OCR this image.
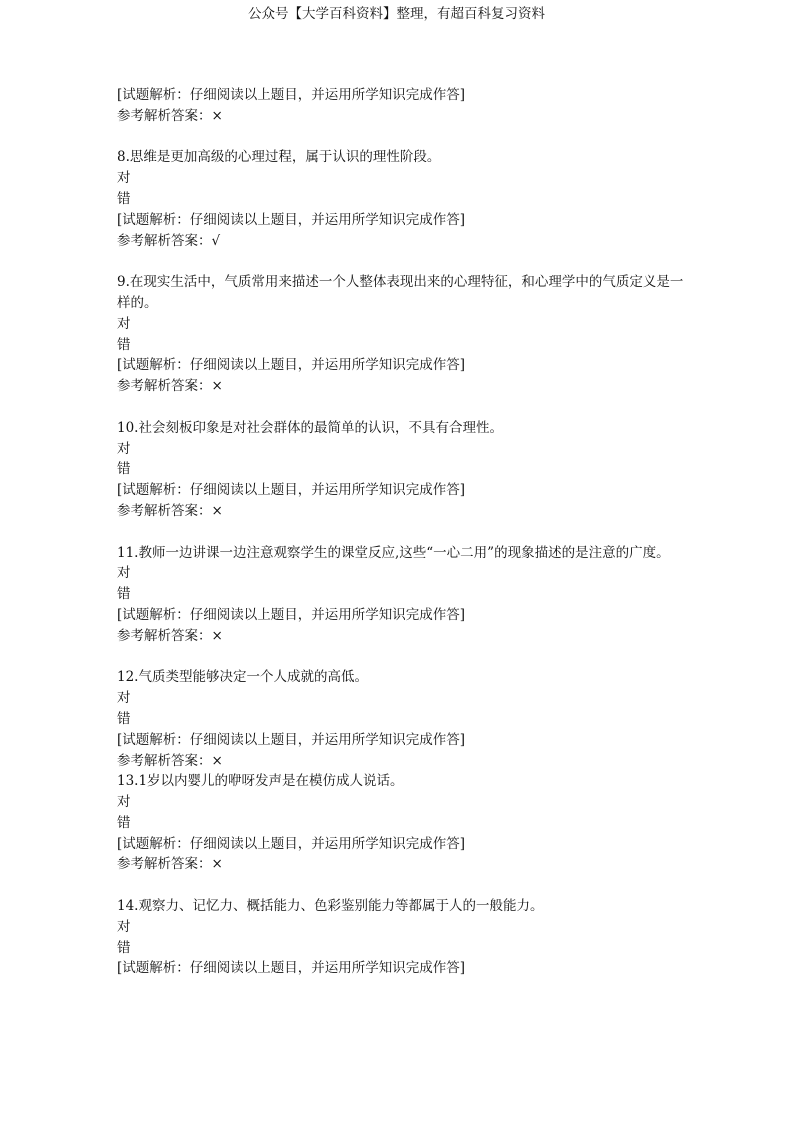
公众号【大学百科资料】整理，有超百科复习资料
[试题解析：仔细阅读以上题目，并运用所学知识完成作答]
参考解析答案：×
8.思维是更加高级的心理过程，属于认识的理性阶段。
对
错
[试题解析：仔细阅读以上题目，并运用所学知识完成作答]
参考解析答案：√
9.在现实生活中，气质常用来描述一个人整体表现出来的心理特征，和心理学中的气质定义是一样的。
对
错
[试题解析：仔细阅读以上题目，并运用所学知识完成作答]
参考解析答案：×
10.社会刻板印象是对社会群体的最简单的认识，不具有合理性。
对
错
[试题解析：仔细阅读以上题目，并运用所学知识完成作答]
参考解析答案：×
11.教师一边讲课一边注意观察学生的课堂反应,这些“一心二用”的现象描述的是注意的广度。
对
错
[试题解析：仔细阅读以上题目，并运用所学知识完成作答]
参考解析答案：×
12.气质类型能够决定一个人成就的高低。
对
错
[试题解析：仔细阅读以上题目，并运用所学知识完成作答]
参考解析答案：×
13.1岁以内婴儿的咿呀发声是在模仿成人说话。
对
错
[试题解析：仔细阅读以上题目，并运用所学知识完成作答]
参考解析答案：×
14.观察力、记忆力、概括能力、色彩鉴别能力等都属于人的一般能力。
对
错
[试题解析：仔细阅读以上题目，并运用所学知识完成作答]
